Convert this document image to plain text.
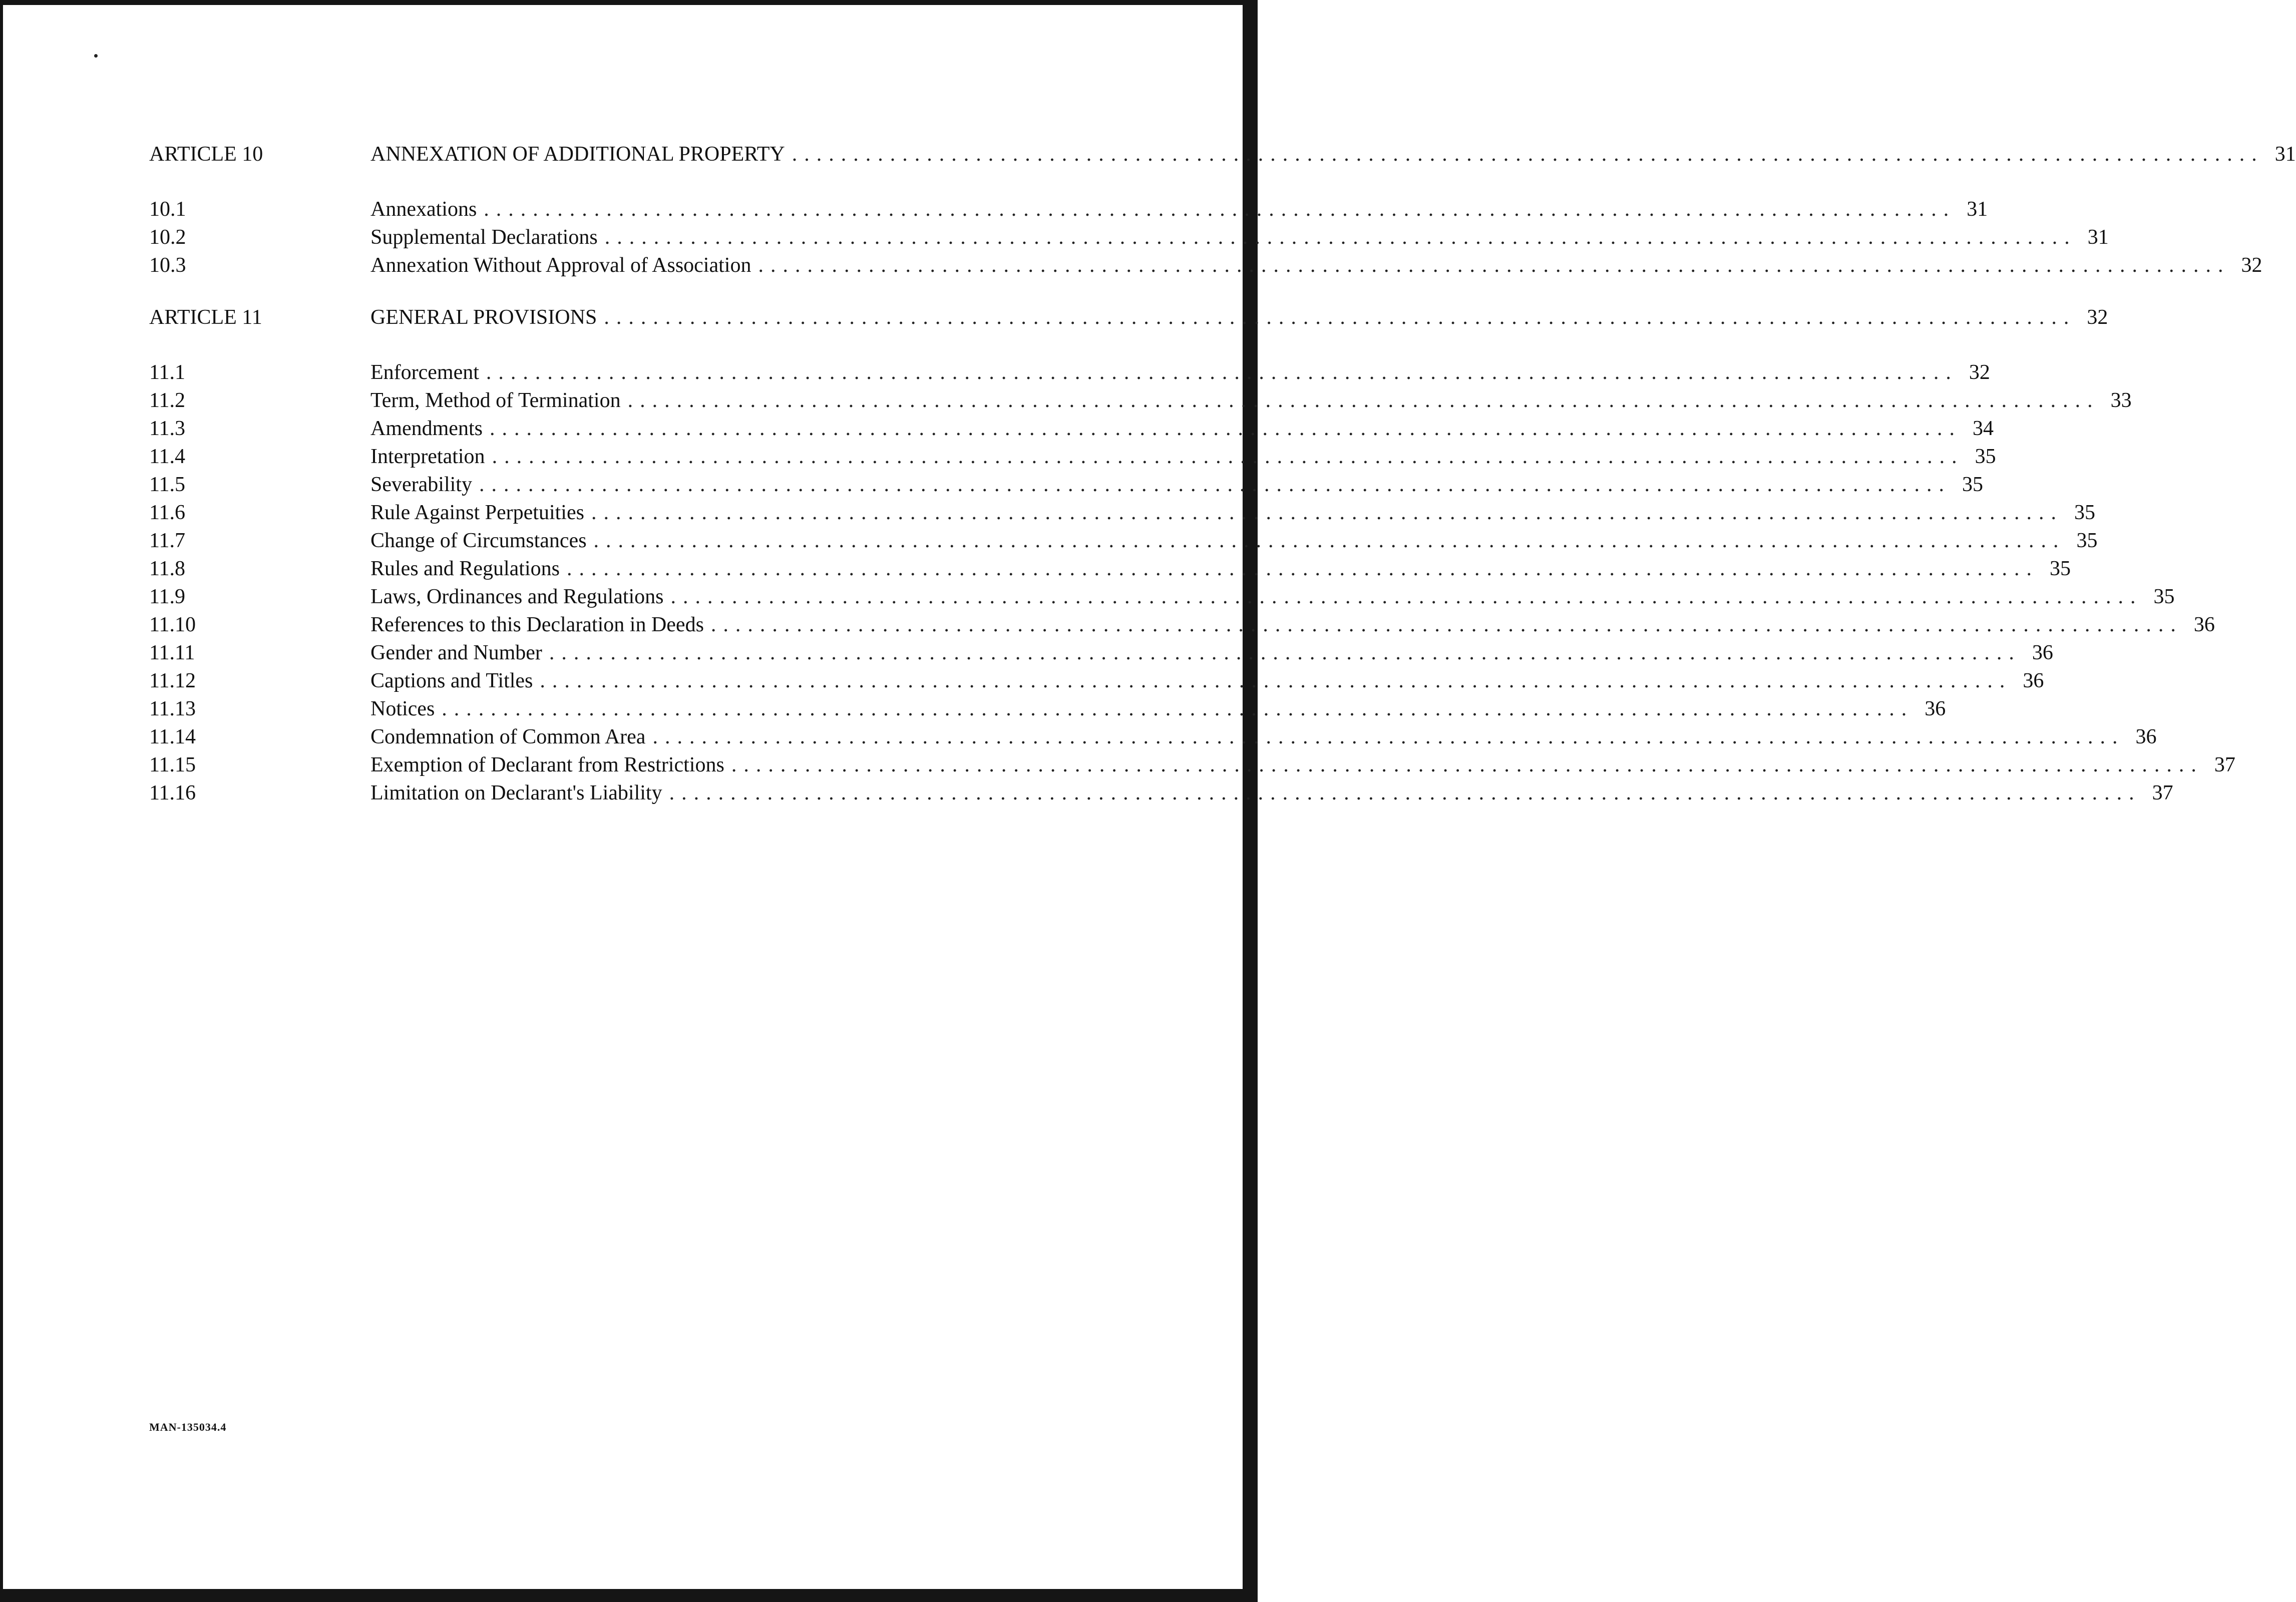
ARTICLE 10	ANNEXATION OF ADDITIONAL PROPERTY ........................................................................................................................ 31
10.1	Annexations ........................................................................................................................ 31
10.2	Supplemental Declarations ........................................................................................................................ 31
10.3	Annexation Without Approval of Association ........................................................................................................................ 32
ARTICLE 11	GENERAL PROVISIONS ........................................................................................................................ 32
11.1	Enforcement ........................................................................................................................ 32
11.2	Term, Method of Termination ........................................................................................................................ 33
11.3	Amendments ........................................................................................................................ 34
11.4	Interpretation ........................................................................................................................ 35
11.5	Severability ........................................................................................................................ 35
11.6	Rule Against Perpetuities ........................................................................................................................ 35
11.7	Change of Circumstances ........................................................................................................................ 35
11.8	Rules and Regulations ........................................................................................................................ 35
11.9	Laws, Ordinances and Regulations ........................................................................................................................ 35
11.10	References to this Declaration in Deeds ........................................................................................................................ 36
11.11	Gender and Number ........................................................................................................................ 36
11.12	Captions and Titles ........................................................................................................................ 36
11.13	Notices ........................................................................................................................ 36
11.14	Condemnation of Common Area ........................................................................................................................ 36
11.15	Exemption of Declarant from Restrictions ........................................................................................................................ 37
11.16	Limitation on Declarant's Liability ........................................................................................................................ 37
MAN-135034.4
